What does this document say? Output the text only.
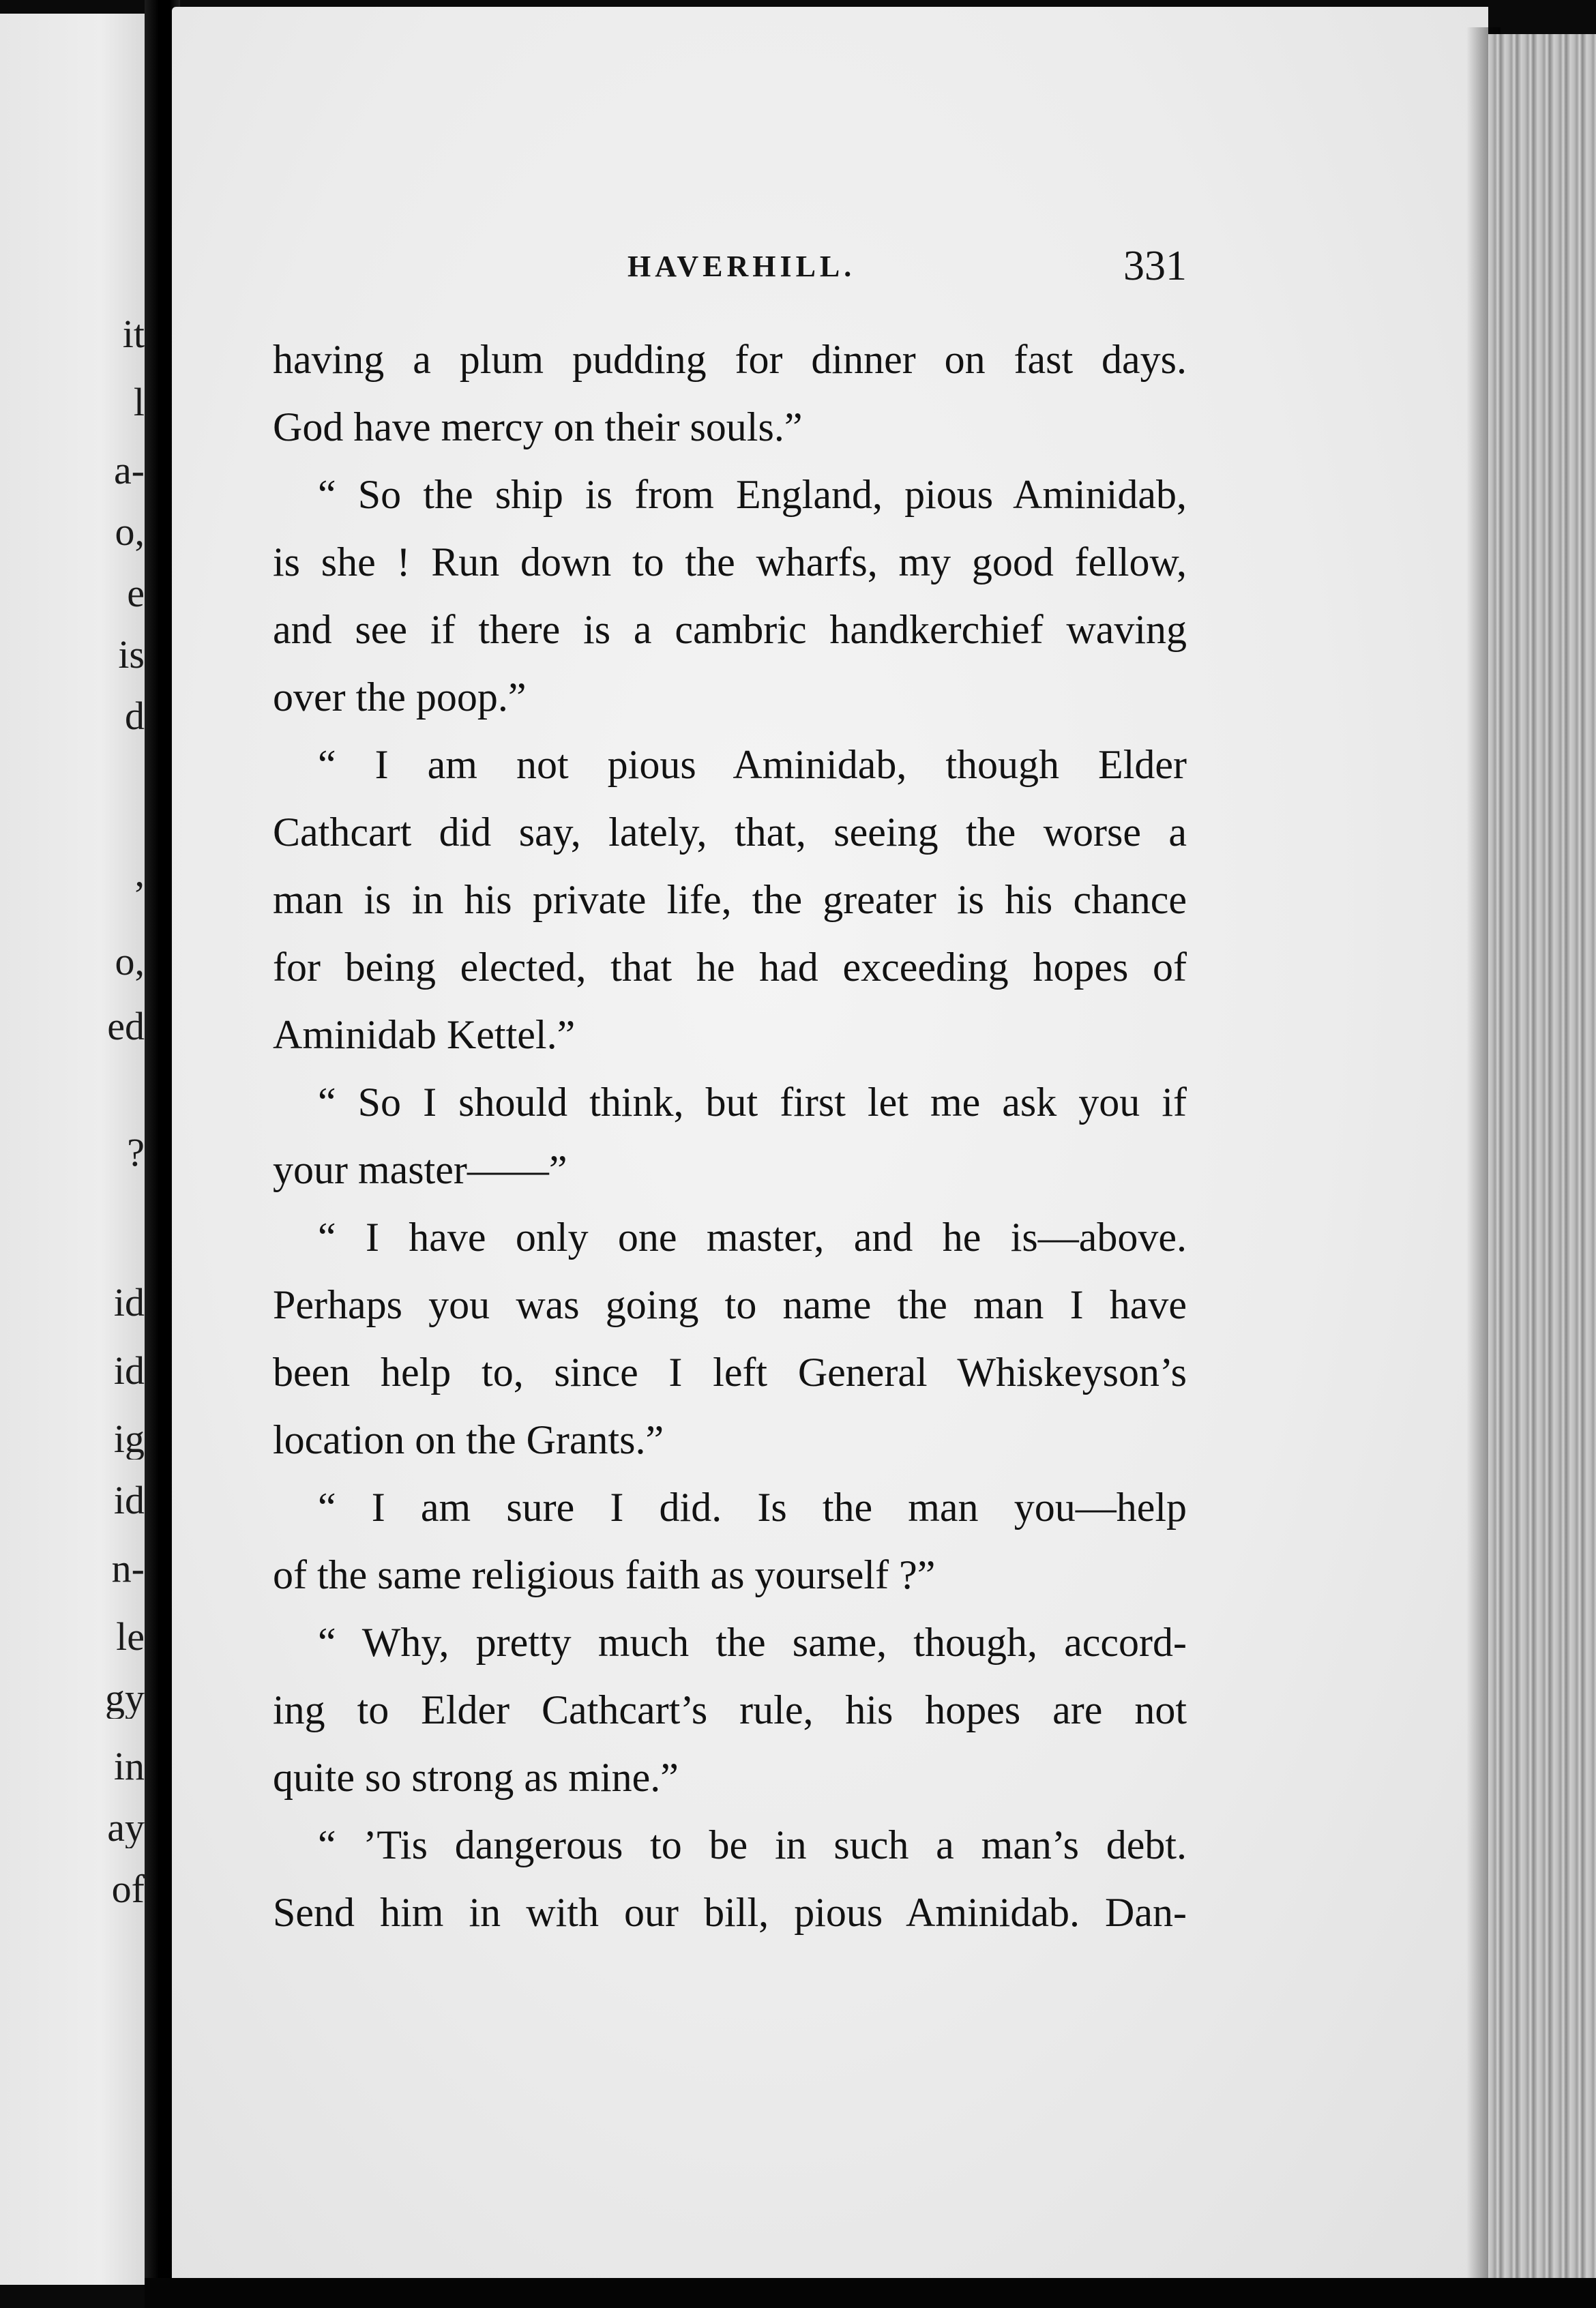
it
l
a-
o,
e
is
d
,
o,
ed
?
id
id
ig
id
n-
le
gy
in
ay
of
HAVERHILL.	331
having a plum pudding for dinner on fast days.
God have mercy on their souls.”
“ So the ship is from England, pious Aminidab,
is she ! Run down to the wharfs, my good fellow,
and see if there is a cambric handkerchief waving
over the poop.”
“ I am not pious Aminidab, though Elder
Cathcart did say, lately, that, seeing the worse a
man is in his private life, the greater is his chance
for being elected, that he had exceeding hopes of
Aminidab Kettel.”
“ So I should think, but first let me ask you if
your master——”
“ I have only one master, and he is—above.
Perhaps you was going to name the man I have
been help to, since I left General Whiskeyson’s
location on the Grants.”
“ I am sure I did. Is the man you—help
of the same religious faith as yourself ?”
“ Why, pretty much the same, though, accord-
ing to Elder Cathcart’s rule, his hopes are not
quite so strong as mine.”
“ ’Tis dangerous to be in such a man’s debt.
Send him in with our bill, pious Aminidab. Dan-
